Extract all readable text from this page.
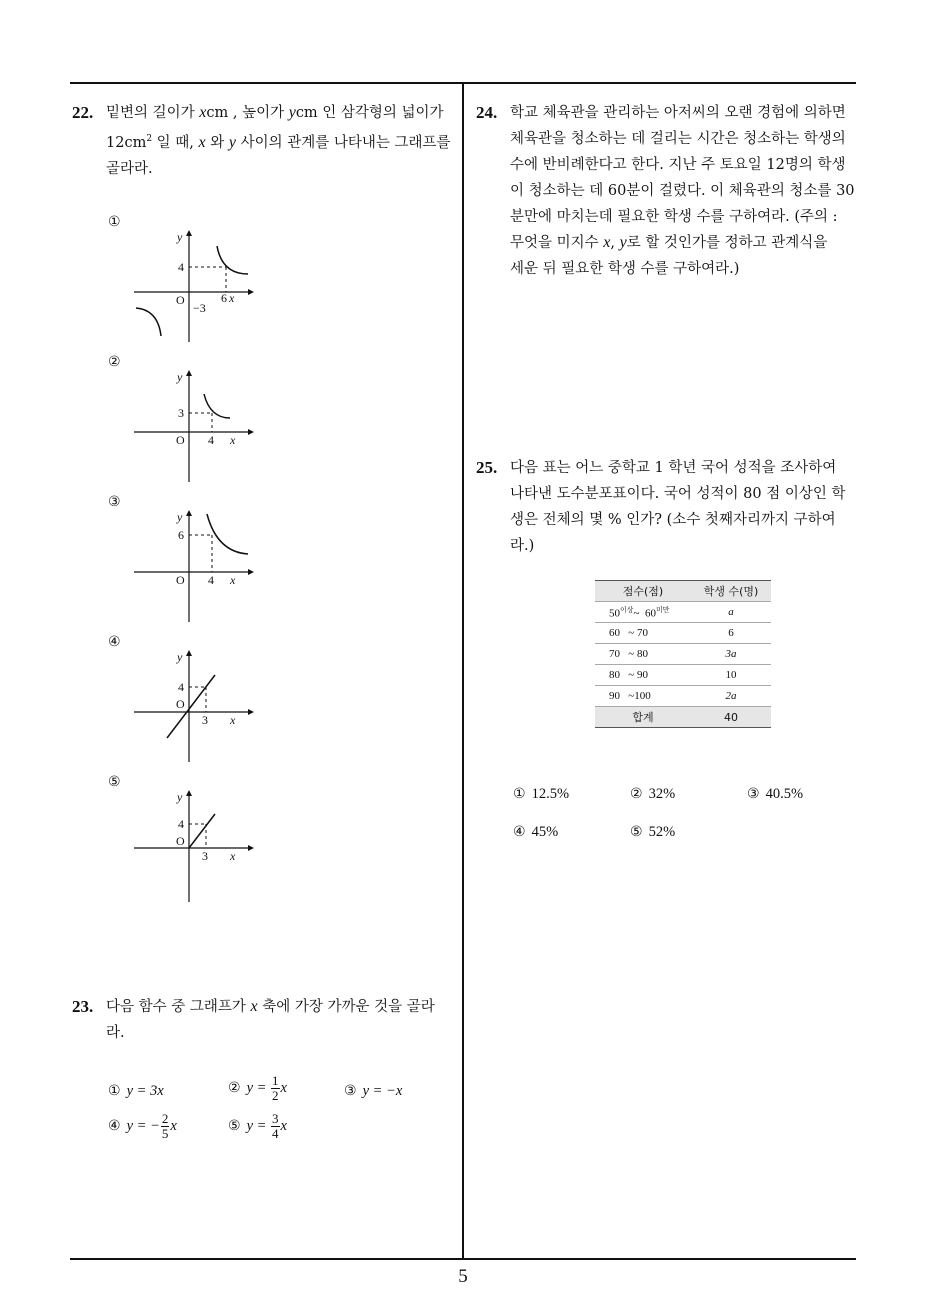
22. 밑변의 길이가 xcm , 높이가 ycm 인 삼각형의 넓이가
$12cm^2$ 일 때, x 와 y 사이의 관계를 나타내는 그래프를
골라라.
①
y
4
O	6 x
−3
②
y
3
O 4 x
③
y
6
O 4 x
④
y
4
O
3 x
⑤
y
4
O
3 x
23. 다음 함수 중 그래프가 x 축에 가장 가까운 것을 골라
라.
① y = 3x	② $y = \frac{1}{2}$ x	③ y = −x
④ y = − $\frac{2}{5}$ x	⑤ $y = \frac{3}{4}$ x
24. 학교 체육관을 관리하는 아저씨의 오랜 경험에 의하면
체육관을 청소하는 데 걸리는 시간은 청소하는 학생의
수에 반비례한다고 한다. 지난 주 토요일 12명의 학생
이 청소하는 데 60분이 걸렸다. 이 체육관의 청소를 30
분만에 마치는데 필요한 학생 수를 구하여라. (주의 :
무엇을 미지수 x, y로 할 것인가를 정하고 관계식을
세운 뒤 필요한 학생 수를 구하여라.)
25. 다음 표는 어느 중학교 1 학년 국어 성적을 조사하여
나타낸 도수분포표이다. 국어 성적이 80 점 이상인 학
생은 전체의 몇 % 인가? (소수 첫째자리까지 구하여
라.)
점수(점)	학생 수(명)
$50^{이상}\sim$ $60^{미만}$	a
60   ~ 70	6
70   ~ 80	3a
80   ~ 90	10
90   ~100	2a
합계	40
① 12.5%	② 32%	③ 40.5%
④ 45%	⑤ 52%
5
